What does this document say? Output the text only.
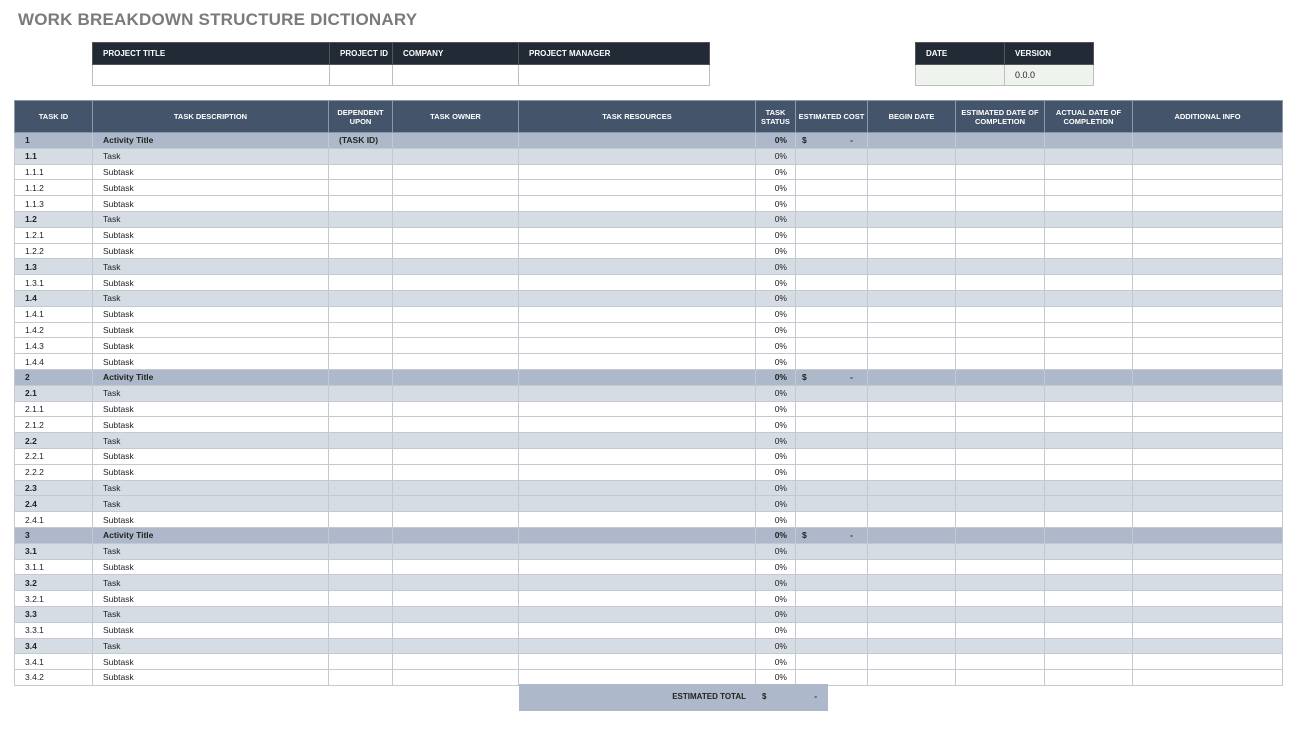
WORK BREAKDOWN STRUCTURE DICTIONARY
PROJECT TITLE	PROJECT ID	COMPANY	PROJECT MANAGER
				DATE	VERSION
	0.0.0
TASK ID	TASK DESCRIPTION	DEPENDENT UPON	TASK OWNER	TASK RESOURCES	TASK STATUS	ESTIMATED COST	BEGIN DATE	ESTIMATED DATE OF COMPLETION	ACTUAL DATE OF COMPLETION	ADDITIONAL INFO
1	Activity Title	(TASK ID)			0%	$ -				

1.1	Task				0%					
1.1.1	Subtask				0%					
1.1.2	Subtask				0%					
1.1.3	Subtask				0%					
1.2	Task				0%					
1.2.1	Subtask				0%					
1.2.2	Subtask				0%					
1.3	Task				0%					
1.3.1	Subtask				0%					
1.4	Task				0%					
1.4.1	Subtask				0%					
1.4.2	Subtask				0%					
1.4.3	Subtask				0%					
1.4.4	Subtask				0%					
2	Activity Title				0%	$ -				

2.1	Task				0%					
2.1.1	Subtask				0%					
2.1.2	Subtask				0%					
2.2	Task				0%					
2.2.1	Subtask				0%					
2.2.2	Subtask				0%					
2.3	Task				0%					
2.4	Task				0%					
2.4.1	Subtask				0%					
3	Activity Title				0%	$ -				

3.1	Task				0%					
3.1.1	Subtask				0%					
3.2	Task				0%					
3.2.1	Subtask				0%					
3.3	Task				0%					
3.3.1	Subtask				0%					
3.4	Task				0%					
3.4.1	Subtask				0%					
3.4.2	Subtask				0%					
ESTIMATED TOTAL $	-
